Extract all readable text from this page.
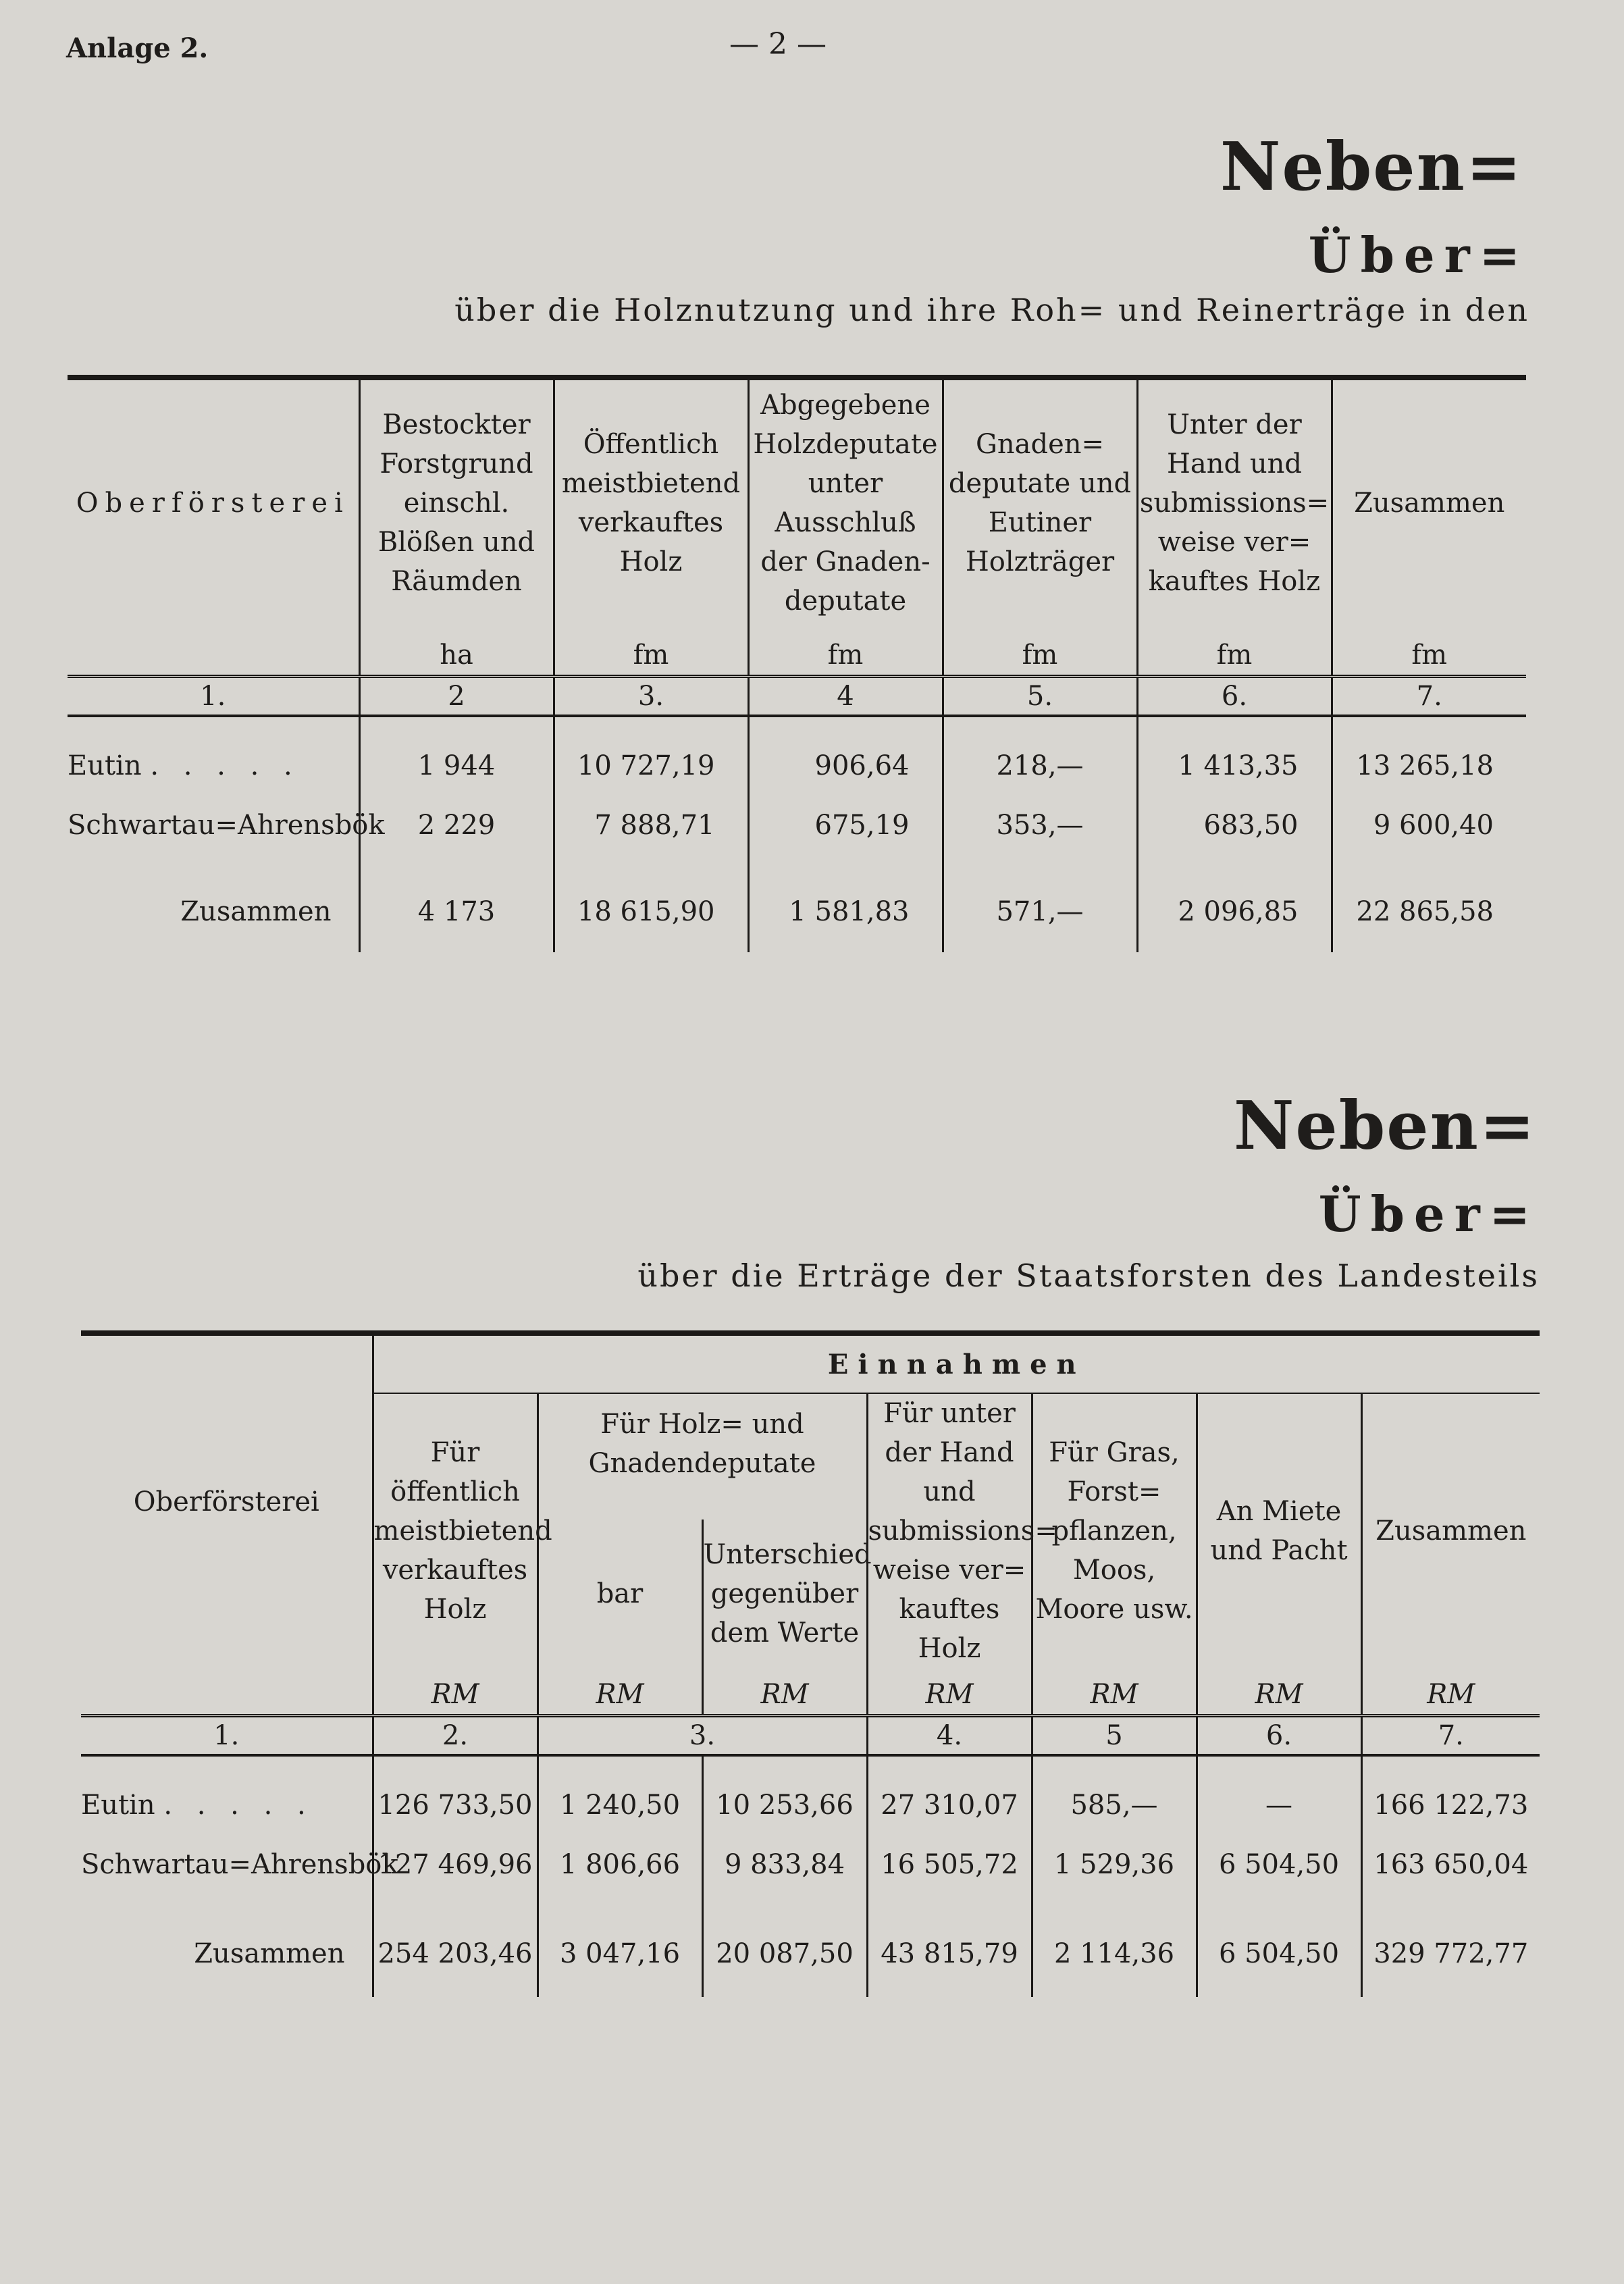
Anlage 2.	— 2 —
Neben=
Über=
über die Holznutzung und ihre Roh= und Reinerträge in den
Oberförsterei	Bestockter Forstgrund einschl. Blößen und Räumden	Öffentlich meistbietend verkauftes Holz	Abgegebene Holzdeputate unter Ausschluß der Gnaden- deputate	Gnaden= deputate und Eutiner Holzträger	Unter der Hand und submissions= weise ver= kauftes Holz	Zusammen
	ha	fm	fm	fm	fm	fm
1.	2	3.	4	5.	6.	7.

Eutin . . . . .	1 944	10 727,19	906,64	218,—	1 413,35	13 265,18
Schwartau=Ahrensbök	2 229	7 888,71	675,19	353,—	683,50	9 600,40

Zusammen	4 173	18 615,90	1 581,83	571,—	2 096,85	22 865,58
Neben=
Über=
über die Erträge der Staatsforsten des Landesteils
Oberförsterei	Einnahmen						
	Für öffentlich meistbietend verkauftes Holz	Für Holz= und Gnadendeputate		Für unter der Hand und submissions= weise ver= kauftes Holz	Für Gras, Forst= pflanzen, Moos, Moore usw.	An Miete und Pacht	Zusammen
		bar	Unterschied gegenüber dem Werte				
	RM	RM	RM	RM	RM	RM	RM
1.	2.	3.		4.	5	6.	7.

Eutin . . . . .	126 733,50	1 240,50	10 253,66	27 310,07	585,—	—	166 122,73
Schwartau=Ahrensbök	127 469,96	1 806,66	9 833,84	16 505,72	1 529,36	6 504,50	163 650,04

Zusammen	254 203,46	3 047,16	20 087,50	43 815,79	2 114,36	6 504,50	329 772,77
